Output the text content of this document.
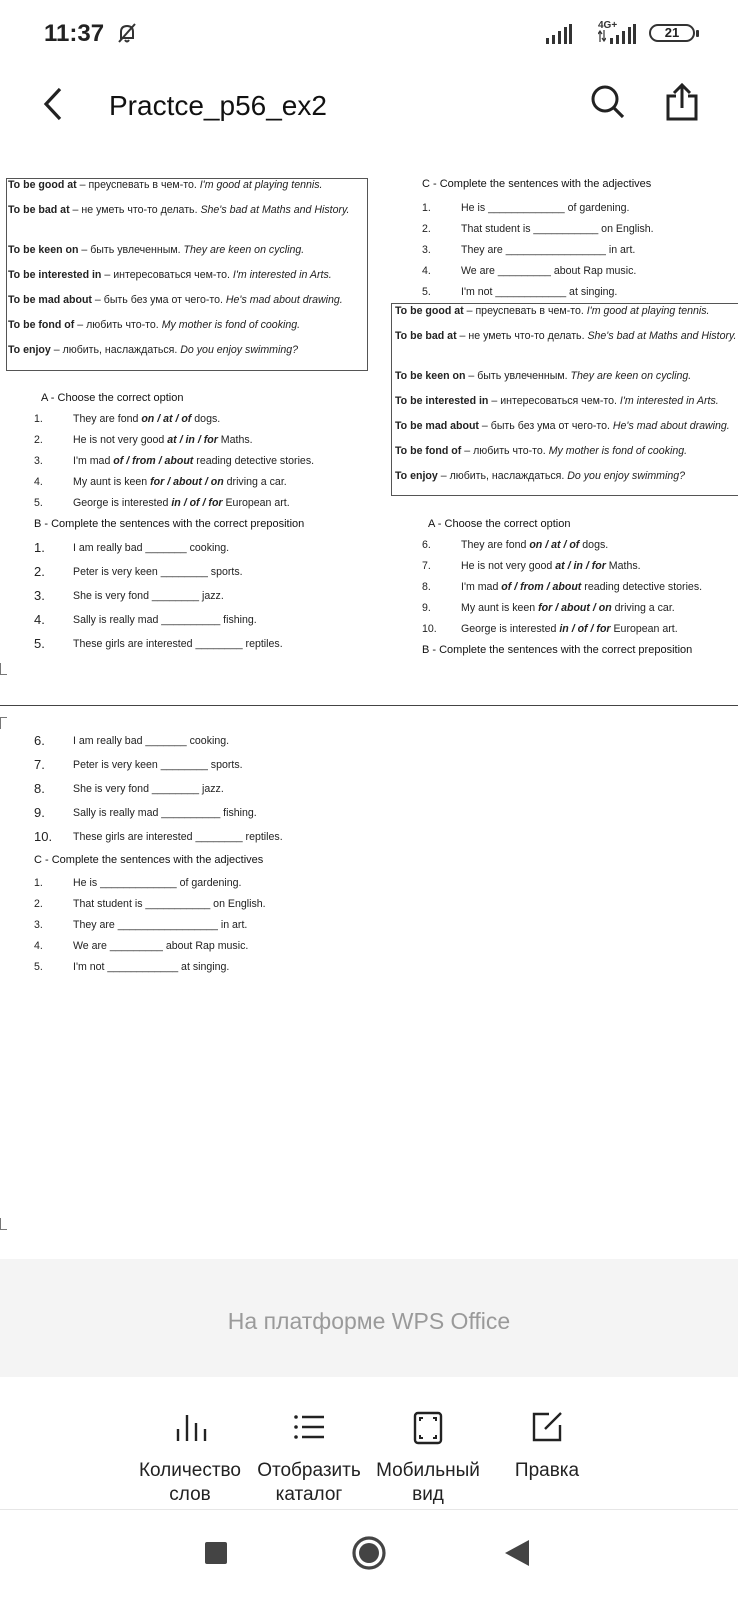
11:37	4G+	21
Practce_p56_ex2
To be good at – преуспевать в чем-то. I'm good at playing tennis.
To be bad at – не уметь что-то делать. She's bad at Maths and History.
To be keen on – быть увлеченным. They are keen on cycling.
To be interested in – интересоваться чем-то. I'm interested in Arts.
To be mad about – быть без ума от чего-то. He's mad about drawing.
To be fond of – любить что-то. My mother is fond of cooking.
To enjoy – любить, наслаждаться. Do you enjoy swimming?
To be good at – преуспевать в чем-то. I'm good at playing tennis.
To be bad at – не уметь что-то делать. She's bad at Maths and History.
To be keen on – быть увлеченным. They are keen on cycling.
To be interested in – интересоваться чем-то. I'm interested in Arts.
To be mad about – быть без ума от чего-то. He's mad about drawing.
To be fond of – любить что-то. My mother is fond of cooking.
To enjoy – любить, наслаждаться. Do you enjoy swimming?
A - Choose the correct option
B - Complete the sentences with the correct preposition
C - Complete the sentences with the adjectives
A - Choose the correct option
B - Complete the sentences with the correct preposition
C - Complete the sentences with the adjectives
1.	They are fond on / at / of dogs.
2.	He is not very good at / in / for Maths.
3.	I'm mad of / from / about reading detective stories.
4.	My aunt is keen for / about / on driving a car.
5.	George is interested in / of / for European art.
6.	They are fond on / at / of dogs.
7.	He is not very good at / in / for Maths.
8.	I'm mad of / from / about reading detective stories.
9.	My aunt is keen for / about / on driving a car.
10. George is interested in / of / for European art.
1.	I am really bad _______ cooking.
2.	Peter is very keen ________ sports.
3.	She is very fond ________ jazz.
4.	Sally is really mad __________ fishing.
5.	These girls are interested ________ reptiles.
6.	I am really bad _______ cooking.
7.	Peter is very keen ________ sports.
8.	She is very fond ________ jazz.
9.	Sally is really mad __________ fishing.
10. These girls are interested ________ reptiles.
1.	He is _____________ of gardening.
2.	That student is ___________ on English.
3.	They are _________________ in art.
4.	We are _________ about Rap music.
5.	I'm not ____________ at singing.
1.	He is _____________ of gardening.
2.	That student is ___________ on English.
3.	They are _________________ in art.
4.	We are _________ about Rap music.
5.	I'm not ____________ at singing.
На платформе WPS Office
Количество
слов
Отобразить
каталог
Мобильный
вид
Правка
